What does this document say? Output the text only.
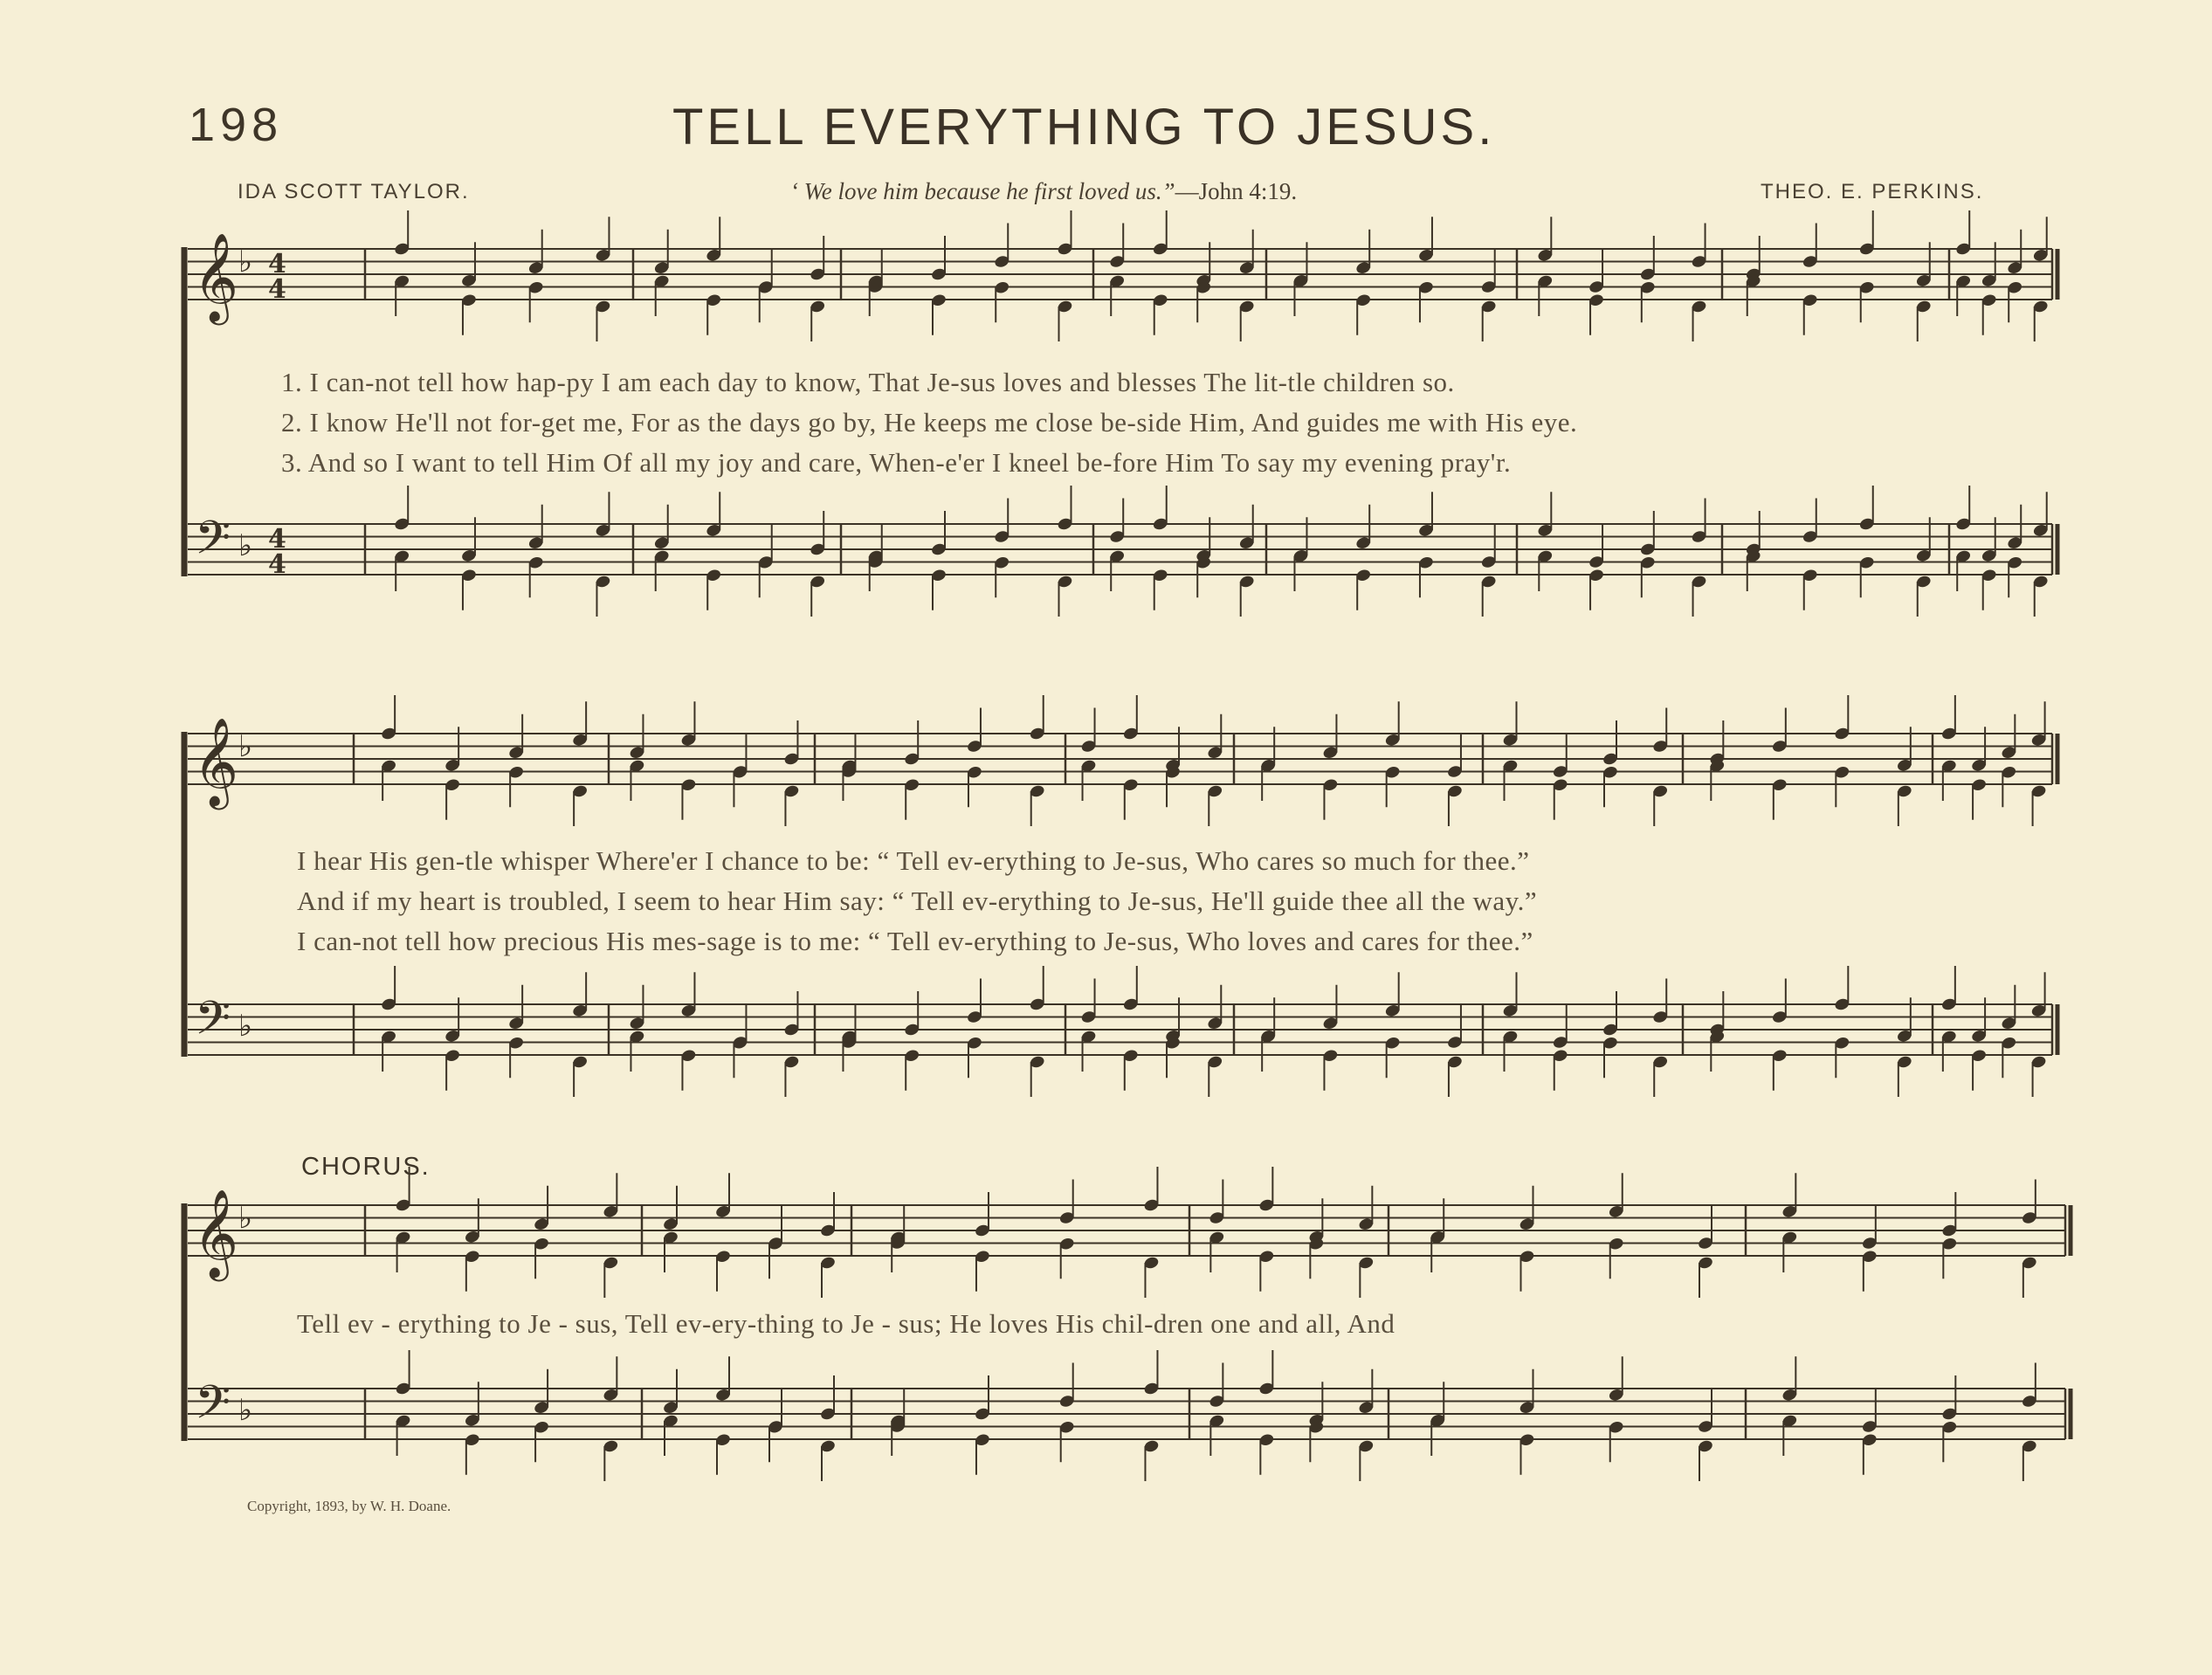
198	TELL EVERYTHING TO JESUS.
IDA SCOTT TAYLOR.	‘ We love him because he first loved us.”—John 4:19.	THEO. E. PERKINS.
𝄞
𝄢
♭
♭
4
4
4
4
𝄞
𝄢
♭
♭
𝄞
𝄢
♭
♭
1. I can-not tell how hap-py I am each day to know, That Je-sus loves and blesses The lit-tle children so.
2. I know He'll not for-get me, For as the days go by, He keeps me close be-side Him, And guides me with His eye.
3. And so I want to tell Him Of all my joy and care, When-e'er I kneel be-fore Him To say my evening pray'r.
I hear His gen-tle whisper Where'er I chance to be: “ Tell ev-erything to Je-sus, Who cares so much for thee.”
And if my heart is troubled, I seem to hear Him say: “ Tell ev-erything to Je-sus, He'll guide thee all the way.”
I can-not tell how precious His mes-sage is to me: “ Tell ev-erything to Je-sus, Who loves and cares for thee.”
CHORUS.
Tell ev - erything to Je - sus, Tell ev-ery-thing to Je - sus; He loves His chil-dren one and all, And
Copyright, 1893, by W. H. Doane.
